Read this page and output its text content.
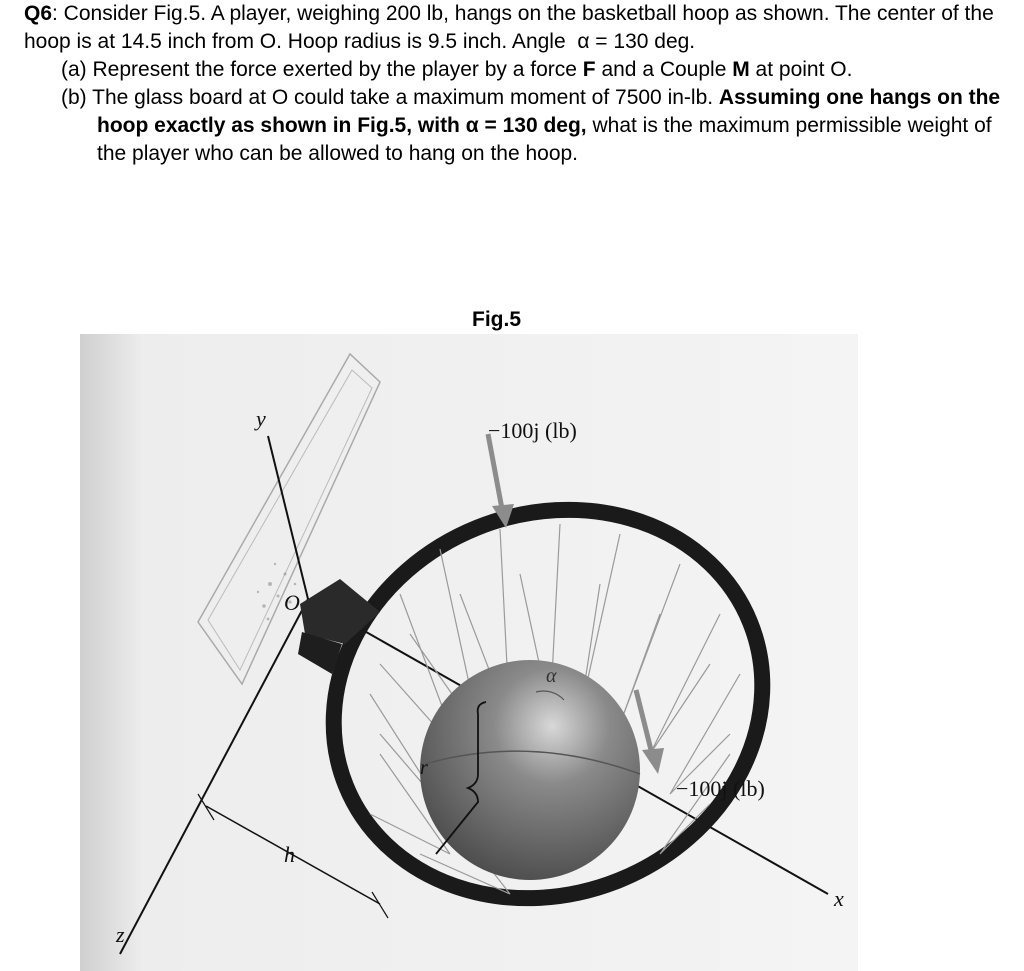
Q6: Consider Fig.5. A player, weighing 200 lb, hangs on the basketball hoop as shown. The center of the hoop is at 14.5 inch from O. Hoop radius is 9.5 inch. Angle α = 130 deg.

(a) Represent the force exerted by the player by a force F and a Couple M at point O.

(b) The glass board at O could take a maximum moment of 7500 in-lb. Assuming one hangs on the hoop exactly as shown in Fig.5, with α = 130 deg, what is the maximum permissible weight of the player who can be allowed to hang on the hoop.

Fig.5
y
O
x
z
h
r
α
−100j (lb)
−100j (lb)
